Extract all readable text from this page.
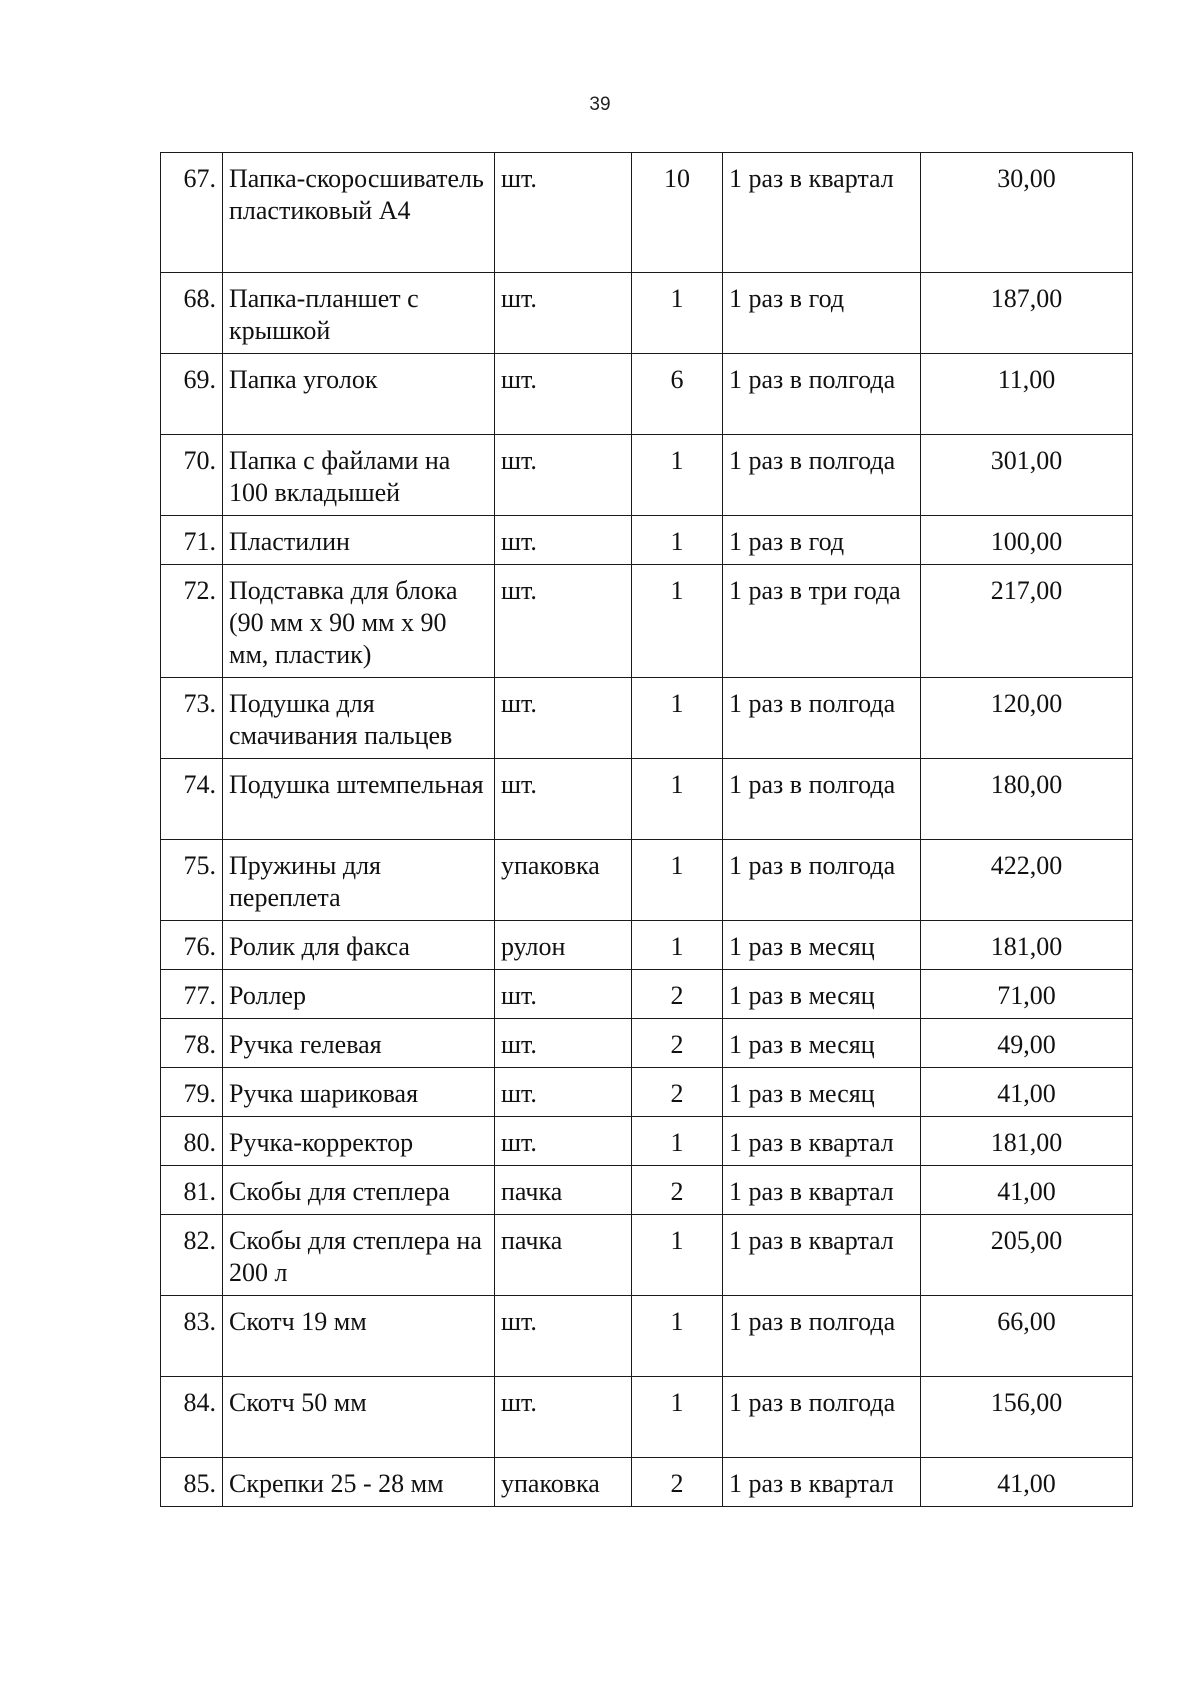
39
67.	Папка-скоросшиватель пластиковый А4	шт.	10	1 раз в квартал	30,00
68.	Папка-планшет с крышкой	шт.	1	1 раз в год	187,00
69.	Папка уголок	шт.	6	1 раз в полгода	11,00
70.	Папка с файлами на 100 вкладышей	шт.	1	1 раз в полгода	301,00
71.	Пластилин	шт.	1	1 раз в год	100,00
72.	Подставка для блока (90 мм х 90 мм х 90 мм, пластик)	шт.	1	1 раз в три года	217,00
73.	Подушка для смачивания пальцев	шт.	1	1 раз в полгода	120,00
74.	Подушка штемпельная	шт.	1	1 раз в полгода	180,00
75.	Пружины для переплета	упаковка	1	1 раз в полгода	422,00
76.	Ролик для факса	рулон	1	1 раз в месяц	181,00
77.	Роллер	шт.	2	1 раз в месяц	71,00
78.	Ручка гелевая	шт.	2	1 раз в месяц	49,00
79.	Ручка шариковая	шт.	2	1 раз в месяц	41,00
80.	Ручка-корректор	шт.	1	1 раз в квартал	181,00
81.	Скобы для степлера	пачка	2	1 раз в квартал	41,00
82.	Скобы для степлера на 200 л	пачка	1	1 раз в квартал	205,00
83.	Скотч 19 мм	шт.	1	1 раз в полгода	66,00
84.	Скотч 50 мм	шт.	1	1 раз в полгода	156,00
85.	Скрепки 25 - 28 мм	упаковка	2	1 раз в квартал	41,00
